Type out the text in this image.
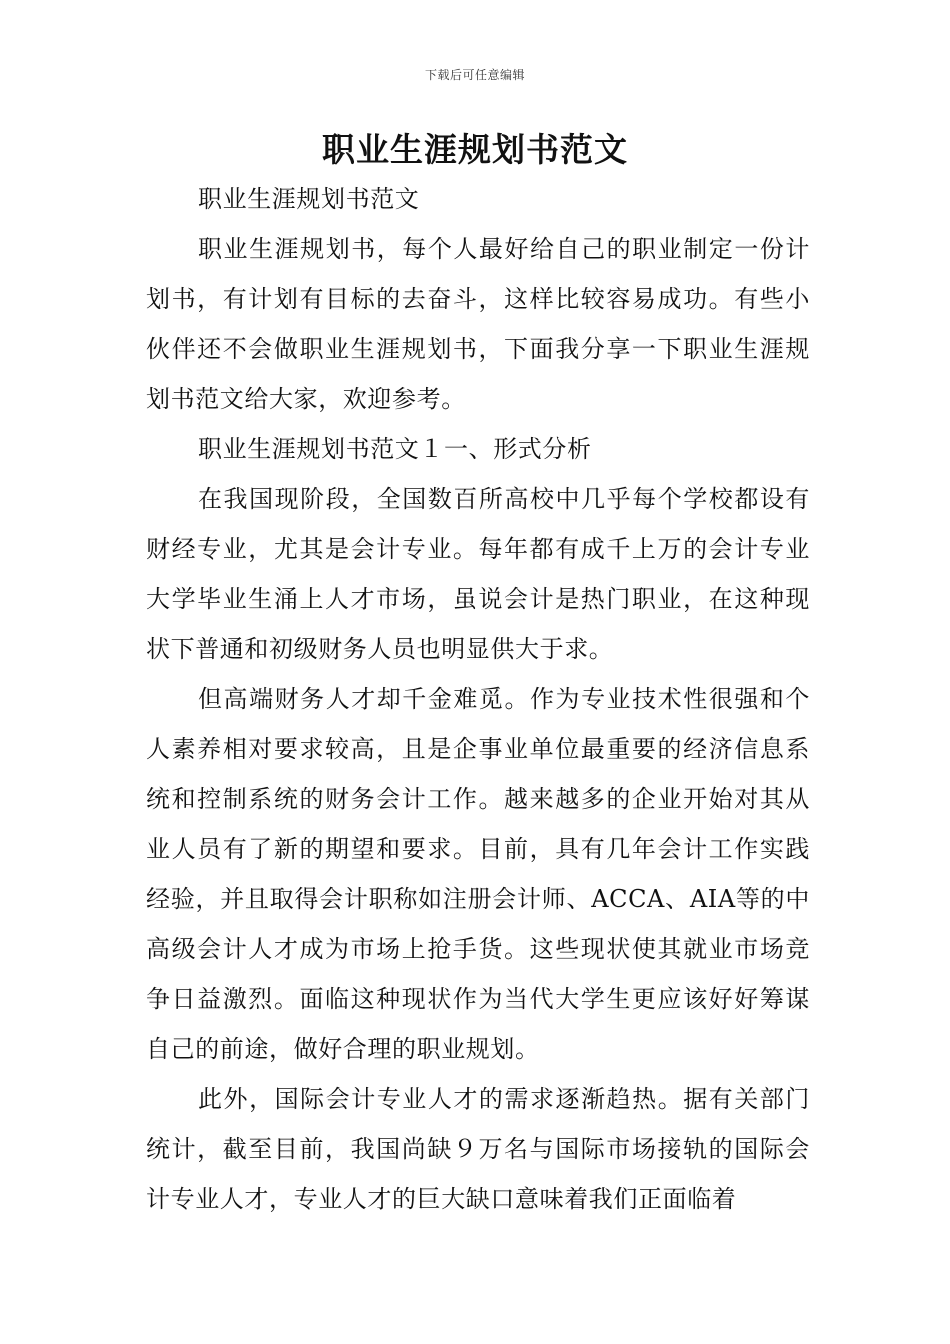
下载后可任意编辑
职业生涯规划书范文

职业生涯规划书范文

职业生涯规划书，每个人最好给自己的职业制定一份计划书，有计划有目标的去奋斗，这样比较容易成功。有些小伙伴还不会做职业生涯规划书，下面我分享一下职业生涯规划书范文给大家，欢迎参考。

职业生涯规划书范文１一、形式分析

在我国现阶段，全国数百所高校中几乎每个学校都设有财经专业，尤其是会计专业。每年都有成千上万的会计专业大学毕业生涌上人才市场，虽说会计是热门职业，在这种现状下普通和初级财务人员也明显供大于求。

但高端财务人才却千金难觅。作为专业技术性很强和个人素养相对要求较高，且是企事业单位最重要的经济信息系统和控制系统的财务会计工作。越来越多的企业开始对其从业人员有了新的期望和要求。目前，具有几年会计工作实践经验，并且取得会计职称如注册会计师、ACCA、AIA等的中高级会计人才成为市场上抢手货。这些现状使其就业市场竞争日益激烈。面临这种现状作为当代大学生更应该好好筹谋自己的前途，做好合理的职业规划。

此外，国际会计专业人才的需求逐渐趋热。据有关部门统计，截至目前，我国尚缺９万名与国际市场接轨的国际会计专业人才，专业人才的巨大缺口意味着我们正面临着
